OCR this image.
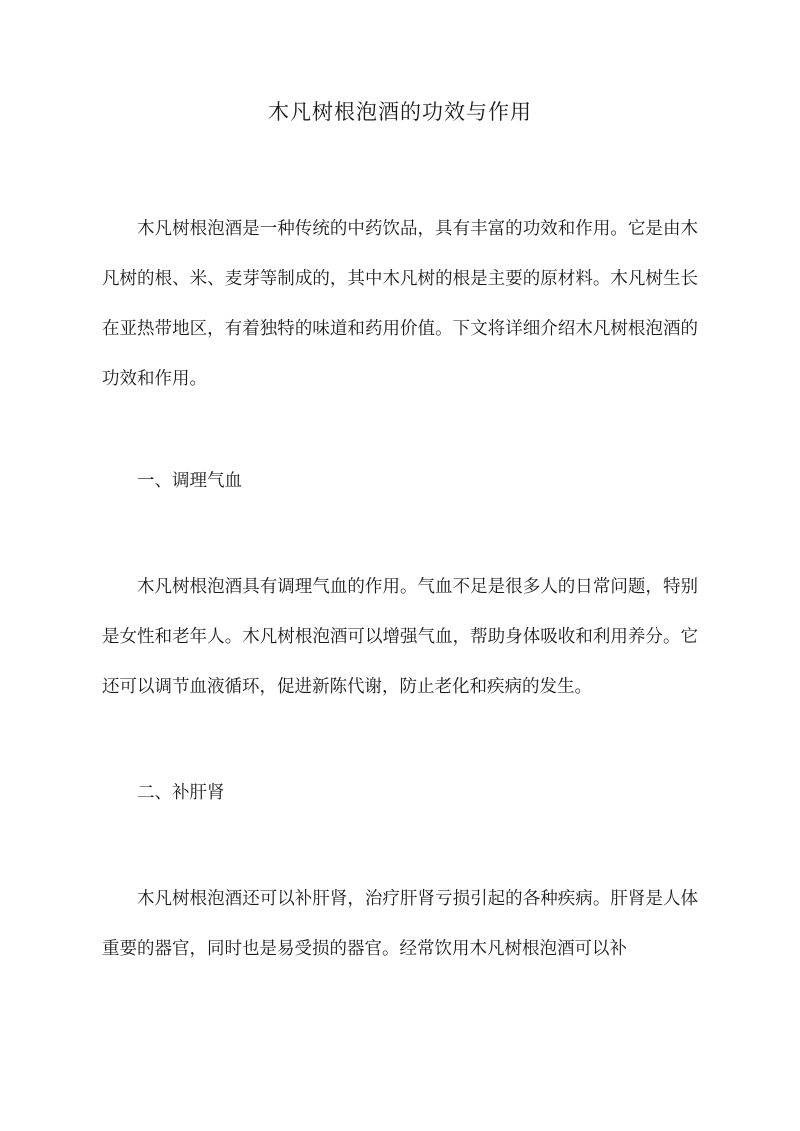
木凡树根泡酒的功效与作用

木凡树根泡酒是一种传统的中药饮品，具有丰富的功效和作用。它是由木凡树的根、米、麦芽等制成的，其中木凡树的根是主要的原材料。木凡树生长在亚热带地区，有着独特的味道和药用价值。下文将详细介绍木凡树根泡酒的功效和作用。

一、调理气血

木凡树根泡酒具有调理气血的作用。气血不足是很多人的日常问题，特别是女性和老年人。木凡树根泡酒可以增强气血，帮助身体吸收和利用养分。它还可以调节血液循环，促进新陈代谢，防止老化和疾病的发生。

二、补肝肾

木凡树根泡酒还可以补肝肾，治疗肝肾亏损引起的各种疾病。肝肾是人体重要的器官，同时也是易受损的器官。经常饮用木凡树根泡酒可以补
